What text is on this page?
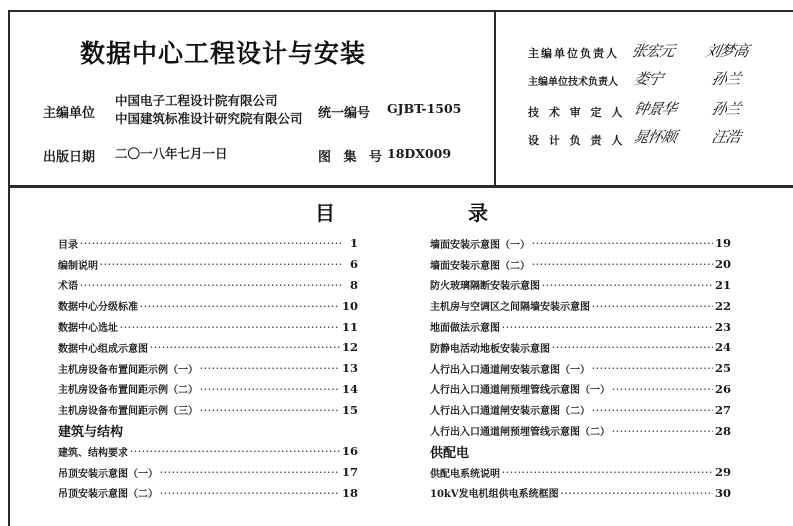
数据中心工程设计与安装
主编单位
中国电子工程设计院有限公司
中国建筑标准设计研究院有限公司 统一编号 GJBT-1505
出版日期 二〇一八年七月一日	图 集 号 18DX009
主编单位负责人 张宏元 刘梦高
主编单位技术负责人 娄宁	孙兰
技 术 审 定 人 钟景华 孙兰
设 计 负 责 人 晁怀颇 汪浩
目	录
目录 ·····	1
编制说明 ·····	6
术语 ·····	8
数据中心分级标准 ·····	10
数据中心选址 ·····	11
数据中心组成示意图 ·····	12
主机房设备布置间距示例（一） ·····	13
主机房设备布置间距示例（二） ·····	14
主机房设备布置间距示例（三） ·····	15
建筑与结构
建筑、结构要求 ·····	16
吊顶安装示意图（一） ·····	17
吊顶安装示意图（二） ·····	18
墙面安装示意图（一） ·····	19
墙面安装示意图（二） ·····	20
防火玻璃隔断安装示意图 ·····	21
主机房与空调区之间隔墙安装示意图 ·····	22
地面做法示意图 ·····	23
防静电活动地板安装示意图 ·····	24
人行出入口通道闸安装示意图（一） ·····	25
人行出入口通道闸预埋管线示意图（一） ·····	26
人行出入口通道闸安装示意图（二） ·····	27
人行出入口通道闸预埋管线示意图（二） ·····	28
供配电
供配电系统说明 ·····	29
10kV发电机组供电系统框图 ·····	30
